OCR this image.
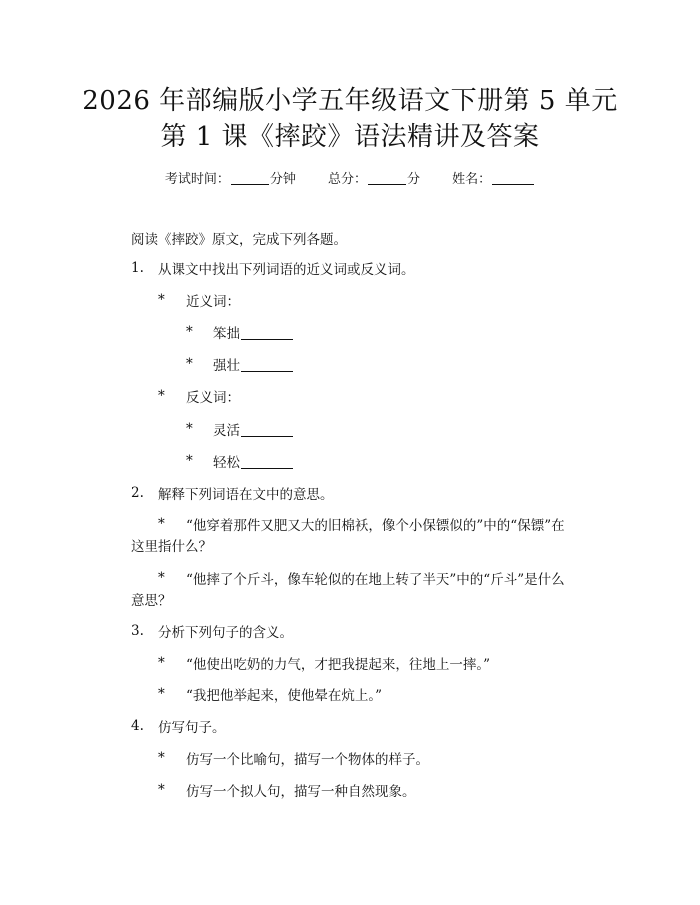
2026 年部编版小学五年级语文下册第 5 单元
第 1 课《摔跤》语法精讲及答案
考试时间：	分钟 总分：	分 姓名：
阅读《摔跤》原文，完成下列各题。
1. 从课文中找出下列词语的近义词或反义词。
* 近义词：
* 笨拙
* 强壮
* 反义词：
* 灵活
* 轻松
2. 解释下列词语在文中的意思。
* “他穿着那件又肥又大的旧棉袄，像个小保镖似的”中的“保镖”在
这里指什么？
* “他摔了个斤斗，像车轮似的在地上转了半天”中的“斤斗”是什么
意思？
3. 分析下列句子的含义。
* “他使出吃奶的力气，才把我提起来，往地上一摔。”
* “我把他举起来，使他晕在炕上。”
4. 仿写句子。
* 仿写一个比喻句，描写一个物体的样子。
* 仿写一个拟人句，描写一种自然现象。
